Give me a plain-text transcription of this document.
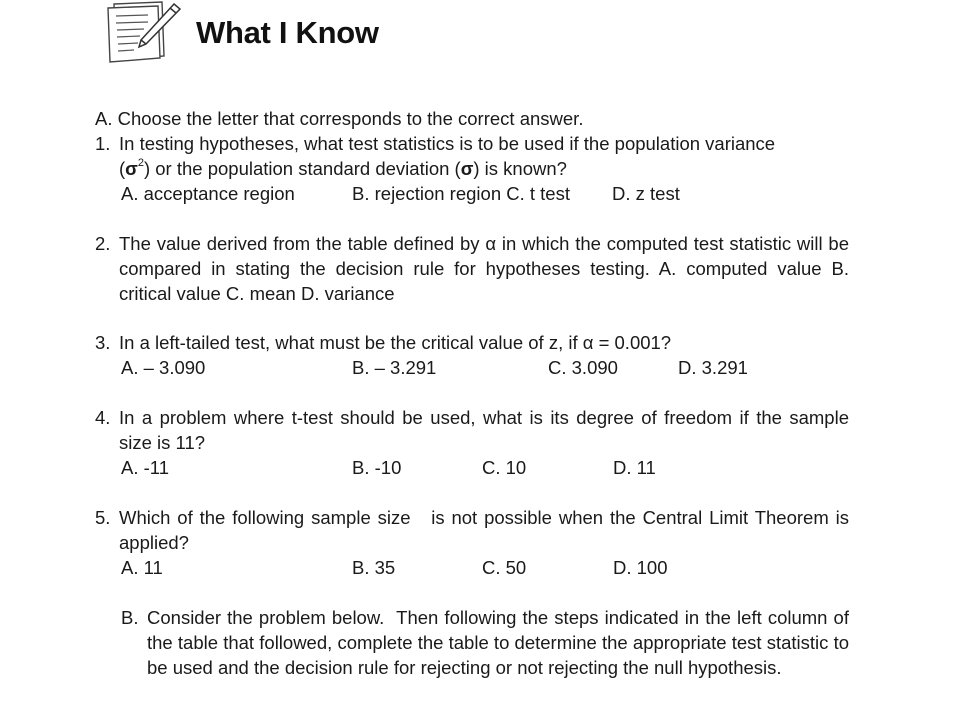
What I Know
A. Choose the letter that corresponds to the correct answer.
1. In testing hypotheses, what test statistics is to be used if the population variance
$(\sigma^2)$ or the population standard deviation (σ) is known?
A. acceptance region	B. rejection region C. t test D. z test
2. The value derived from the table defined by α in which the computed test statistic will be compared in stating the decision rule for hypotheses testing. A. computed value B. critical value C. mean D. variance
3. In a left-tailed test, what must be the critical value of z, if α = 0.001?
A. – 3.090	B. – 3.291	C. 3.090	D. 3.291
4. In a problem where t-test should be used, what is its degree of freedom if the sample size is 11?
A. -11	B. -10	C. 10	D. 11
5. Which of the following sample size   is not possible when the Central Limit Theorem is applied?
A. 11	B. 35	C. 50	D. 100
B. Consider the problem below.  Then following the steps indicated in the left column of the table that followed, complete the table to determine the appropriate test statistic to be used and the decision rule for rejecting or not rejecting the null hypothesis.
